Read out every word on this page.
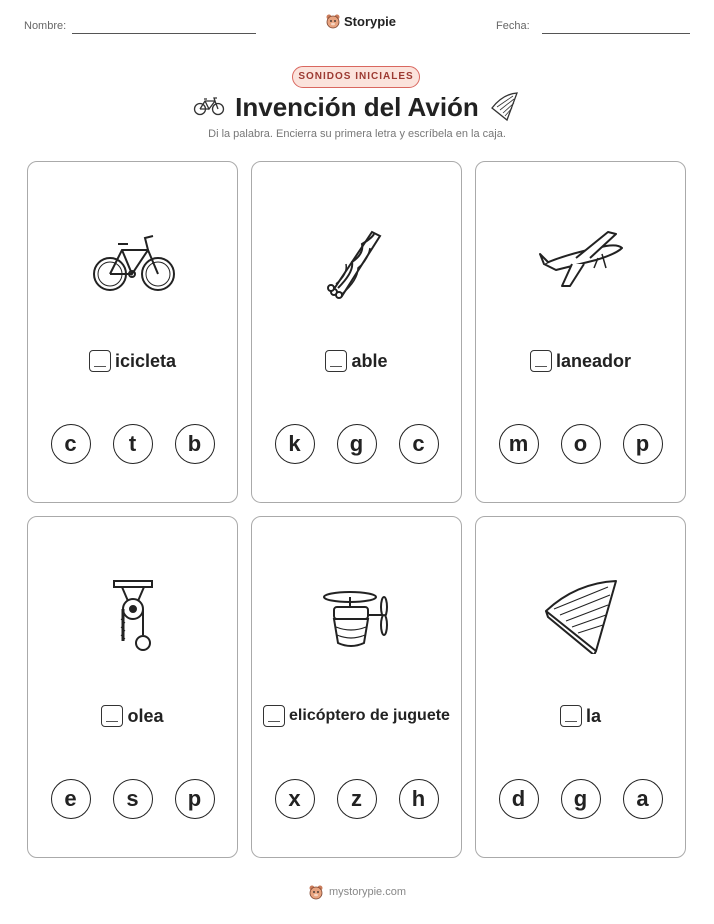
Nombre:	Storypie	Fecha:
SONIDOS INICIALES
Invención del Avión
Di la palabra. Encierra su primera letra y escríbela en la caja.
icicleta
c	t	b
able
k	g	c
laneador
m	o	p
olea
e	s	p
elicóptero de juguete
x	z	h
la
d	g	a
mystorypie.com
